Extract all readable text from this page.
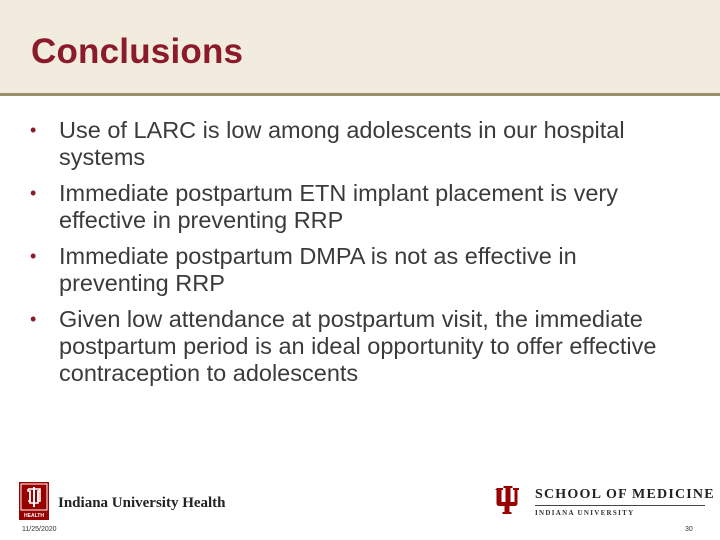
Conclusions
• Use of LARC is low among adolescents in our hospital systems
• Immediate postpartum ETN implant placement is very effective in preventing RRP
• Immediate postpartum DMPA is not as effective in preventing RRP
• Given low attendance at postpartum visit, the immediate postpartum period is an ideal opportunity to offer effective contraception to adolescents
HEALTH
Indiana University Health
SCHOOL OF MEDICINE
INDIANA UNIVERSITY
11/25/2020	30
